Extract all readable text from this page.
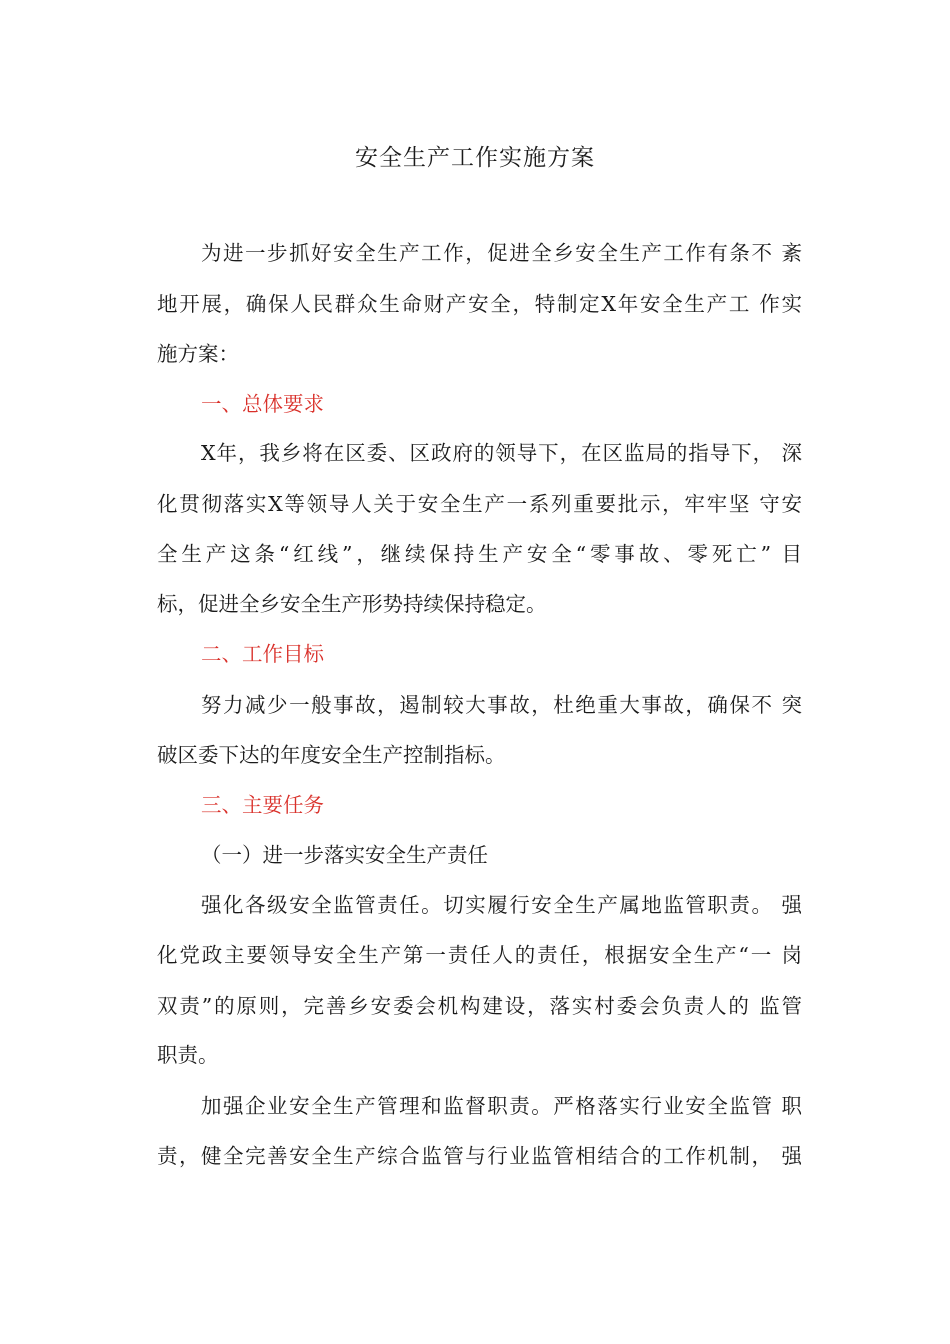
安全生产工作实施方案
为进一步抓好安全生产工作，促进全乡安全生产工作有条不 紊
地开展，确保人民群众生命财产安全，特制定X年安全生产工 作实
施方案：
一、总体要求
X年，我乡将在区委、区政府的领导下，在区监局的指导下， 深
化贯彻落实X等领导人关于安全生产一系列重要批示，牢牢坚 守安
全生产这条“红线”，继续保持生产安全“零事故、零死亡” 目
标，促进全乡安全生产形势持续保持稳定。
二、工作目标
努力减少一般事故，遏制较大事故，杜绝重大事故，确保不 突
破区委下达的年度安全生产控制指标。
三、主要任务
（一）进一步落实安全生产责任
强化各级安全监管责任。切实履行安全生产属地监管职责。 强
化党政主要领导安全生产第一责任人的责任，根据安全生产“一 岗
双责”的原则，完善乡安委会机构建设，落实村委会负责人的 监管
职责。
加强企业安全生产管理和监督职责。严格落实行业安全监管 职
责，健全完善安全生产综合监管与行业监管相结合的工作机制， 强
